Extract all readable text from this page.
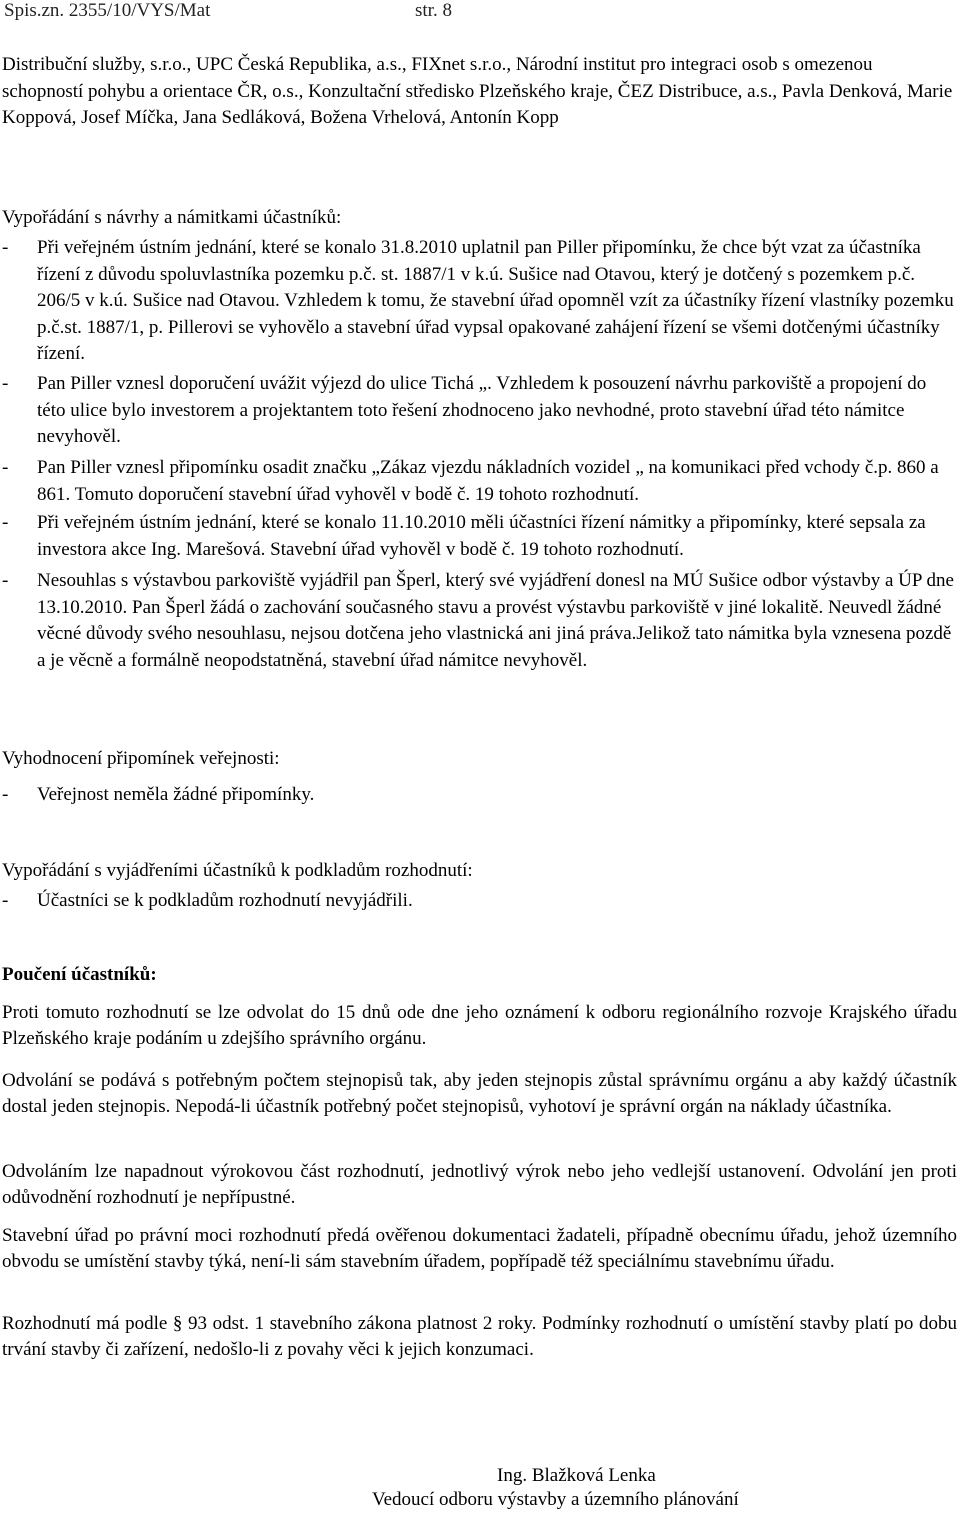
Spis.zn. 2355/10/VYS/Mat	str. 8
Distribuční služby, s.r.o., UPC Česká Republika, a.s., FIXnet s.r.o., Národní institut pro integraci osob s omezenou schopností pohybu a orientace ČR, o.s., Konzultační středisko Plzeňského kraje, ČEZ Distribuce, a.s., Pavla Denková, Marie Koppová, Josef Míčka, Jana Sedláková, Božena Vrhelová, Antonín Kopp
Vypořádání s návrhy a námitkami účastníků:
- Při veřejném ústním jednání, které se konalo 31.8.2010 uplatnil pan Piller připomínku, že chce být vzat za účastníka řízení z důvodu spoluvlastníka pozemku p.č. st. 1887/1 v k.ú. Sušice nad Otavou, který je dotčený s pozemkem p.č. 206/5 v k.ú. Sušice nad Otavou. Vzhledem k tomu, že stavební úřad opomněl vzít za účastníky řízení vlastníky pozemku p.č.st. 1887/1, p. Pillerovi se vyhovělo a stavební úřad vypsal opakované zahájení řízení se všemi dotčenými účastníky řízení.
- Pan Piller vznesl doporučení uvážit výjezd do ulice Tichá „. Vzhledem k posouzení návrhu parkoviště a propojení do této ulice bylo investorem a projektantem toto řešení zhodnoceno jako nevhodné, proto stavební úřad této námitce nevyhověl.
- Pan Piller vznesl připomínku osadit značku „Zákaz vjezdu nákladních vozidel „ na komunikaci před vchody č.p. 860 a 861. Tomuto doporučení stavební úřad vyhověl v bodě č. 19 tohoto rozhodnutí.
- Při veřejném ústním jednání, které se konalo 11.10.2010 měli účastníci řízení námitky a připomínky, které sepsala za investora akce Ing. Marešová. Stavební úřad vyhověl v bodě č. 19 tohoto rozhodnutí.
- Nesouhlas s výstavbou parkoviště vyjádřil pan Šperl, který své vyjádření donesl na MÚ Sušice odbor výstavby a ÚP dne 13.10.2010. Pan Šperl žádá o zachování současného stavu a provést výstavbu parkoviště v jiné lokalitě. Neuvedl žádné věcné důvody svého nesouhlasu, nejsou dotčena jeho vlastnická ani jiná práva.Jelikož tato námitka byla vznesena pozdě a je věcně a formálně neopodstatněná, stavební úřad námitce nevyhověl.
Vyhodnocení připomínek veřejnosti:
- Veřejnost neměla žádné připomínky.
Vypořádání s vyjádřeními účastníků k podkladům rozhodnutí:
- Účastníci se k podkladům rozhodnutí nevyjádřili.
Poučení účastníků:
Proti tomuto rozhodnutí se lze odvolat do 15 dnů ode dne jeho oznámení k odboru regionálního rozvoje Krajského úřadu Plzeňského kraje podáním u zdejšího správního orgánu.
Odvolání se podává s potřebným počtem stejnopisů tak, aby jeden stejnopis zůstal správnímu orgánu a aby každý účastník dostal jeden stejnopis. Nepodá-li účastník potřebný počet stejnopisů, vyhotoví je správní orgán na náklady účastníka.
Odvoláním lze napadnout výrokovou část rozhodnutí, jednotlivý výrok nebo jeho vedlejší ustanovení. Odvolání jen proti odůvodnění rozhodnutí je nepřípustné.
Stavební úřad po právní moci rozhodnutí předá ověřenou dokumentaci žadateli, případně obecnímu úřadu, jehož územního obvodu se umístění stavby týká, není-li sám stavebním úřadem, popřípadě též speciálnímu stavebnímu úřadu.
Rozhodnutí má podle § 93 odst. 1 stavebního zákona platnost 2 roky. Podmínky rozhodnutí o umístění stavby platí po dobu trvání stavby či zařízení, nedošlo-li z povahy věci k jejich konzumaci.
Ing. Blažková Lenka
Vedoucí odboru výstavby a územního plánování
